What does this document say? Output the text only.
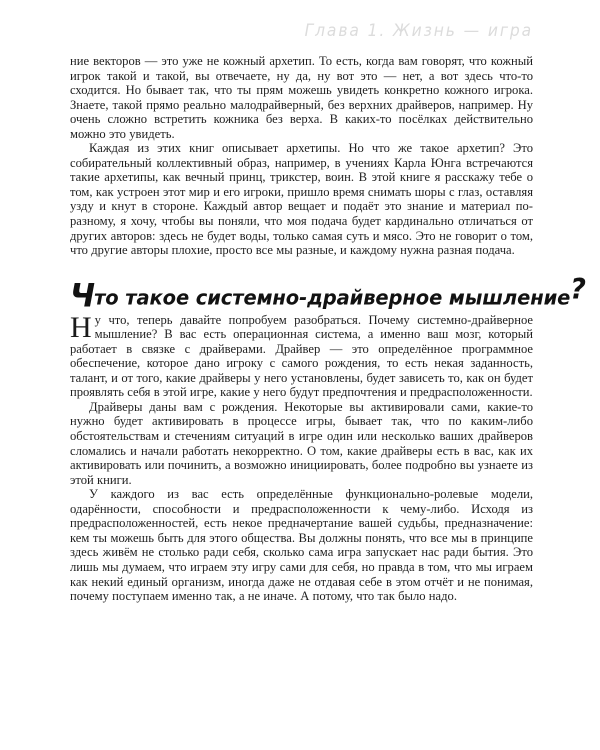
Глава 1. Жизнь — игра

ние векторов — это уже не кожный архетип. То есть, когда вам говорят, что кожный игрок такой и такой, вы отвечаете, ну да, ну вот это — нет, а вот здесь что-то сходится. Но бывает так, что ты прям можешь увидеть конкретно кожного игрока. Знаете, такой прямо реально малодрайверный, без верхних драйверов, например. Ну очень сложно встретить кожника без верха. В каких-то посёлках действительно можно это увидеть.

Каждая из этих книг описывает архетипы. Но что же такое архетип? Это собирательный коллективный образ, например, в учениях Карла Юнга встречаются такие архетипы, как вечный принц, трикстер, воин. В этой книге я расскажу тебе о том, как устроен этот мир и его игроки, пришло время снимать шоры с глаз, оставляя узду и кнут в стороне. Каждый автор вещает и подаёт это знание и материал по-разному, я хочу, чтобы вы поняли, что моя подача будет кардинально отличаться от других авторов: здесь не будет воды, только самая суть и мясо. Это не говорит о том, что другие авторы плохие, просто все мы разные, и каждому нужна разная подача.

Что такое системно-драйверное мышление?

Ну что, теперь давайте попробуем разобраться. Почему системно-драйверное мышление? В вас есть операционная система, а именно ваш мозг, который работает в связке с драйверами. Драйвер — это определённое программное обеспечение, которое дано игроку с самого рождения, то есть некая заданность, талант, и от того, какие драйверы у него установлены, будет зависеть то, как он будет проявлять себя в этой игре, какие у него будут предпочтения и предрасположенности.

Драйверы даны вам с рождения. Некоторые вы активировали сами, какие-то нужно будет активировать в процессе игры, бывает так, что по каким-либо обстоятельствам и стечениям ситуаций в игре один или несколько ваших драйверов сломались и начали работать некорректно. О том, какие драйверы есть в вас, как их активировать или починить, а возможно инициировать, более подробно вы узнаете из этой книги.

У каждого из вас есть определённые функционально-ролевые модели, одарённости, способности и предрасположенности к чему-либо. Исходя из предрасположенностей, есть некое предначертание вашей судьбы, предназначение: кем ты можешь быть для этого общества. Вы должны понять, что все мы в принципе здесь живём не столько ради себя, сколько сама игра запускает нас ради бытия. Это лишь мы думаем, что играем эту игру сами для себя, но правда в том, что мы играем как некий единый организм, иногда даже не отдавая себе в этом отчёт и не понимая, почему поступаем именно так, а не иначе. А потому, что так было надо.
